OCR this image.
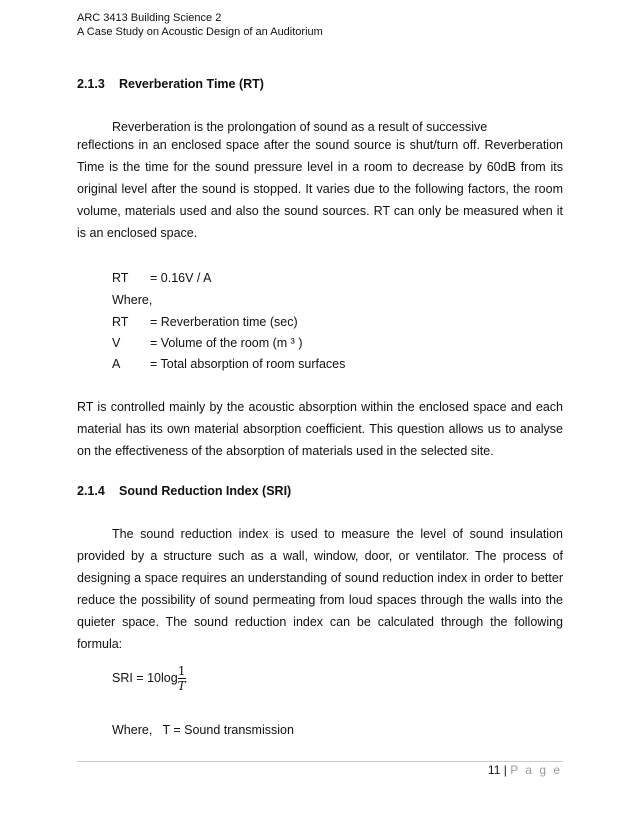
ARC 3413 Building Science 2
A Case Study on Acoustic Design of an Auditorium
2.1.3 Reverberation Time (RT)
Reverberation is the prolongation of sound as a result of successive
reflections in an enclosed space after the sound source is shut/turn off. Reverberation Time is the time for the sound pressure level in a room to decrease by 60dB from its original level after the sound is stopped. It varies due to the following factors, the room volume, materials used and also the sound sources. RT can only be measured when it is an enclosed space.
RT = 0.16V / A
Where,
RT = Reverberation time (sec)
V = Volume of the room (m ³ )
A = Total absorption of room surfaces
RT is controlled mainly by the acoustic absorption within the enclosed space and each material has its own material absorption coefficient. This question allows us to analyse on the effectiveness of the absorption of materials used in the selected site.
2.1.4 Sound Reduction Index (SRI)
The sound reduction index is used to measure the level of sound insulation provided by a structure such as a wall, window, door, or ventilator. The process of designing a space requires an understanding of sound reduction index in order to better reduce the possibility of sound permeating from loud spaces through the walls into the quieter space. The sound reduction index can be calculated through the following formula:
SRI = $10\log \frac{1}{T}$
Where,   T = Sound transmission
11 | P a g e
